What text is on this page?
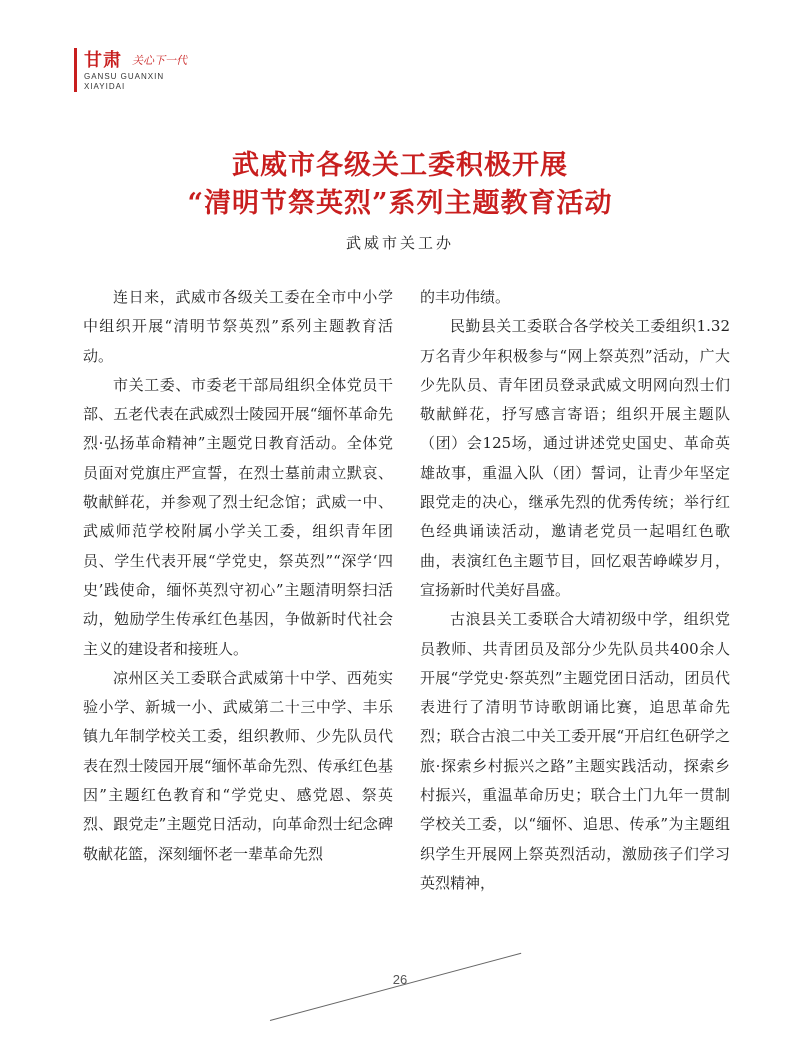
甘肃 关心下一代
GANSU GUANXIN
XIAYIDAI
武威市各级关工委积极开展
“清明节祭英烈”系列主题教育活动

武威市关工办

连日来，武威市各级关工委在全市中小学中组织开展“清明节祭英烈”系列主题教育活动。

市关工委、市委老干部局组织全体党员干部、五老代表在武威烈士陵园开展“缅怀革命先烈·弘扬革命精神”主题党日教育活动。全体党员面对党旗庄严宣誓，在烈士墓前肃立默哀、敬献鲜花，并参观了烈士纪念馆；武威一中、武威师范学校附属小学关工委，组织青年团员、学生代表开展“学党史，祭英烈”“深学‘四史’践使命，缅怀英烈守初心”主题清明祭扫活动，勉励学生传承红色基因，争做新时代社会主义的建设者和接班人。

凉州区关工委联合武威第十中学、西苑实验小学、新城一小、武威第二十三中学、丰乐镇九年制学校关工委，组织教师、少先队员代表在烈士陵园开展“缅怀革命先烈、传承红色基因”主题红色教育和“学党史、感党恩、祭英烈、跟党走”主题党日活动，向革命烈士纪念碑敬献花篮，深刻缅怀老一辈革命先烈

的丰功伟绩。

民勤县关工委联合各学校关工委组织1.32万名青少年积极参与“网上祭英烈”活动，广大少先队员、青年团员登录武威文明网向烈士们敬献鲜花，抒写感言寄语；组织开展主题队（团）会125场，通过讲述党史国史、革命英雄故事，重温入队（团）誓词，让青少年坚定跟党走的决心，继承先烈的优秀传统；举行红色经典诵读活动，邀请老党员一起唱红色歌曲，表演红色主题节目，回忆艰苦峥嵘岁月，宣扬新时代美好昌盛。

古浪县关工委联合大靖初级中学，组织党员教师、共青团员及部分少先队员共400余人开展“学党史·祭英烈”主题党团日活动，团员代表进行了清明节诗歌朗诵比赛，追思革命先烈；联合古浪二中关工委开展“开启红色研学之旅·探索乡村振兴之路”主题实践活动，探索乡村振兴，重温革命历史；联合土门九年一贯制学校关工委，以“缅怀、追思、传承”为主题组织学生开展网上祭英烈活动，激励孩子们学习英烈精神，

26
